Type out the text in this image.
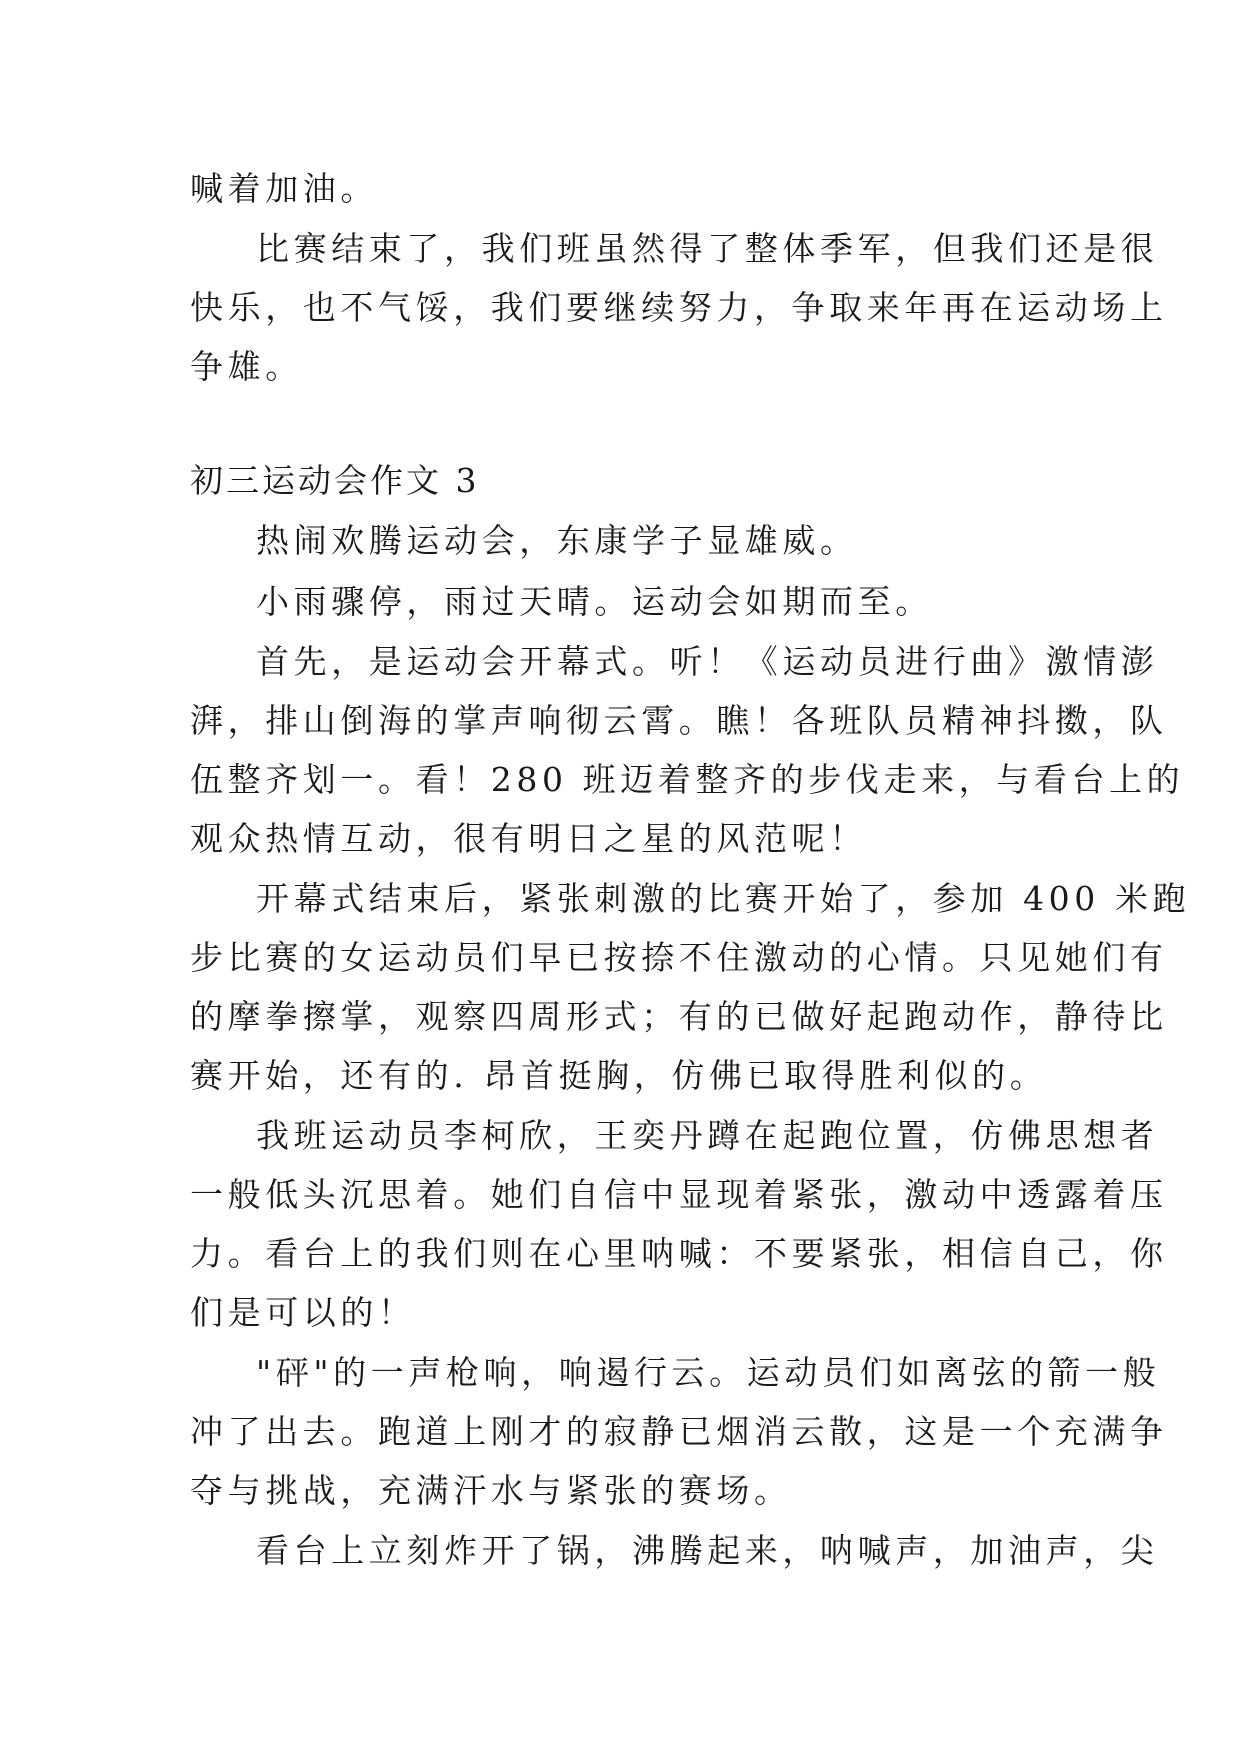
喊着加油。
比赛结束了，我们班虽然得了整体季军，但我们还是很
快乐，也不气馁，我们要继续努力，争取来年再在运动场上
争雄。
初三运动会作文 3
热闹欢腾运动会，东康学子显雄威。
小雨骤停，雨过天晴。运动会如期而至。
首先，是运动会开幕式。听！《运动员进行曲》激情澎
湃，排山倒海的掌声响彻云霄。瞧！各班队员精神抖擞，队
伍整齐划一。看！280 班迈着整齐的步伐走来，与看台上的
观众热情互动，很有明日之星的风范呢！
开幕式结束后，紧张刺激的比赛开始了，参加 400 米跑
步比赛的女运动员们早已按捺不住激动的心情。只见她们有
的摩拳擦掌，观察四周形式；有的已做好起跑动作，静待比
赛开始，还有的. 昂首挺胸，仿佛已取得胜利似的。
我班运动员李柯欣，王奕丹蹲在起跑位置，仿佛思想者
一般低头沉思着。她们自信中显现着紧张，激动中透露着压
力。看台上的我们则在心里呐喊：不要紧张，相信自己，你
们是可以的！
"砰"的一声枪响，响遏行云。运动员们如离弦的箭一般
冲了出去。跑道上刚才的寂静已烟消云散，这是一个充满争
夺与挑战，充满汗水与紧张的赛场。
看台上立刻炸开了锅，沸腾起来，呐喊声，加油声，尖
